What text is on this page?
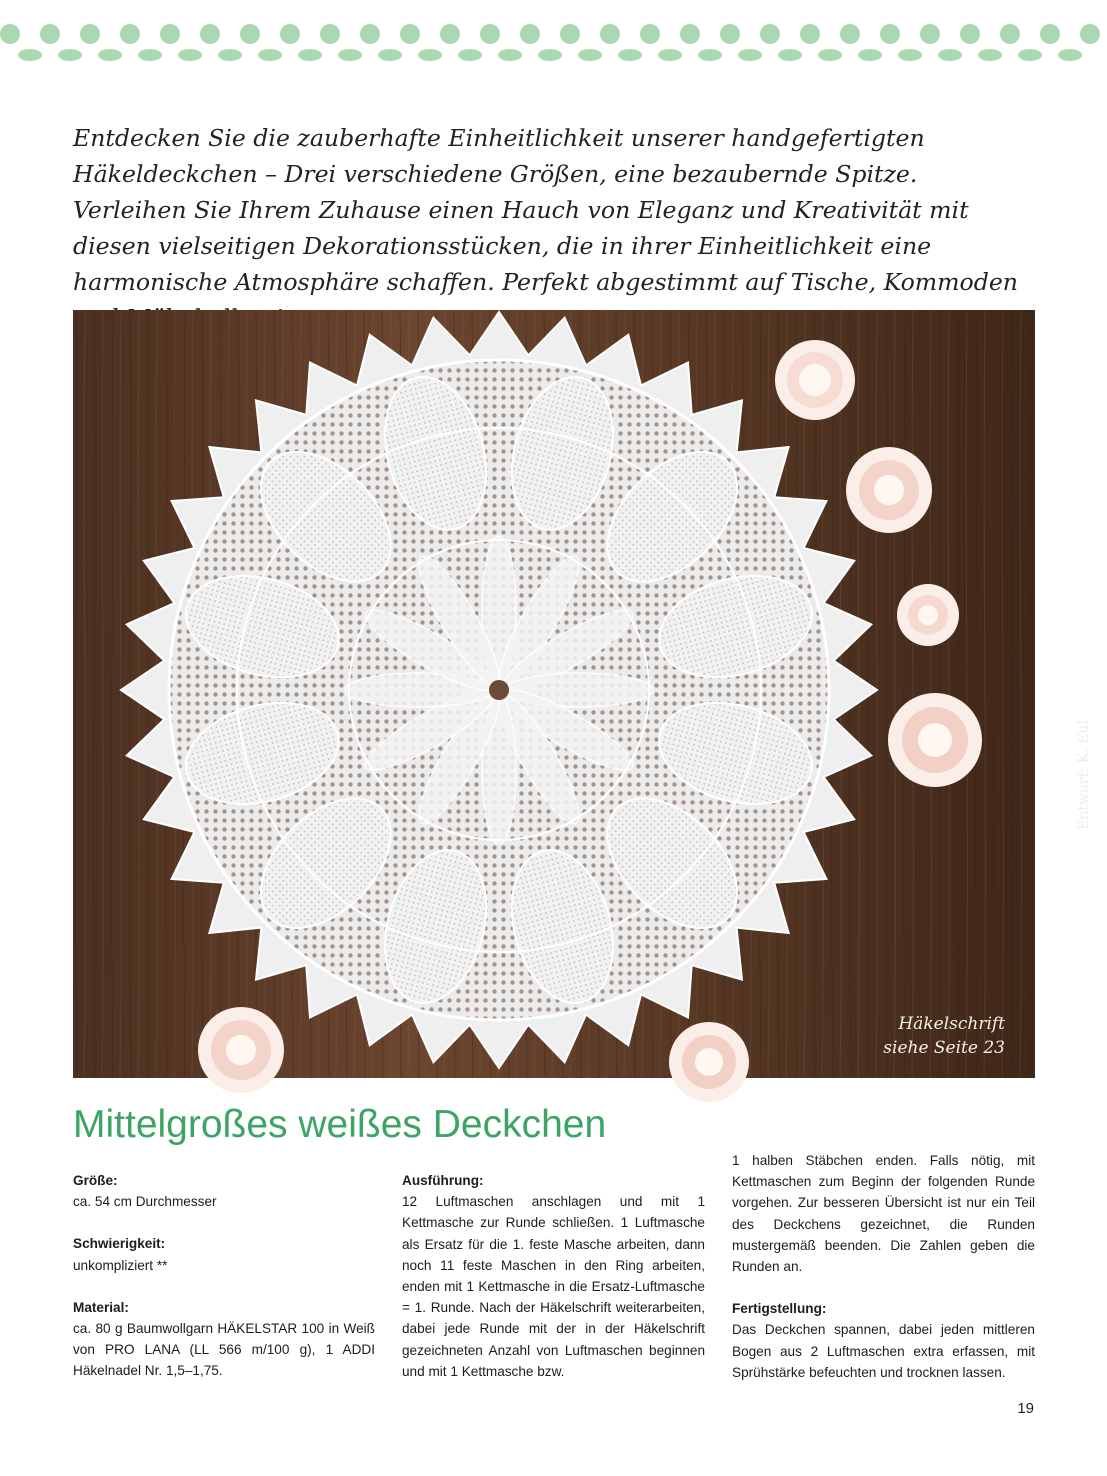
Entdecken Sie die zauberhafte Einheitlichkeit unserer handgefertigten Häkeldeckchen – Drei verschiedene Größen, eine bezaubernde Spitze. Verleihen Sie Ihrem Zuhause einen Hauch von Eleganz und Kreativität mit diesen vielseitigen Dekorationsstücken, die in ihrer Einheitlichkeit eine harmonische Atmosphäre schaffen. Perfekt abgestimmt auf Tische, Kommoden

Entwurf: K. Eul
Häkelschrift
siehe Seite 23
Mittelgroßes weißes Deckchen
Größe:

ca. 54 cm Durchmesser

Schwierigkeit:

unkompliziert **

Material:

ca. 80 g Baumwollgarn HÄKELSTAR 100 in Weiß von PRO LANA (LL 566 m/100 g), 1 ADDI Häkelnadel Nr. 1,5–1,75.

Ausführung:

12 Luftmaschen anschlagen und mit 1 Kettmasche zur Runde schließen. 1 Luftmasche als Ersatz für die 1. feste Masche arbeiten, dann noch 11 feste Maschen in den Ring arbeiten, enden mit 1 Kettmasche in die Ersatz-Luftmasche = 1. Runde. Nach der Häkelschrift weiterarbeiten, dabei jede Runde mit der in der Häkelschrift gezeichneten Anzahl von Luftmaschen beginnen und mit 1 Kettmasche bzw.

1 halben Stäbchen enden. Falls nötig, mit Kettmaschen zum Beginn der folgenden Runde vorgehen. Zur besseren Übersicht ist nur ein Teil des Deckchens gezeichnet, die Runden mustergemäß beenden. Die Zahlen geben die Runden an.

Fertigstellung:

Das Deckchen spannen, dabei jeden mittleren Bogen aus 2 Luftmaschen extra erfassen, mit Sprühstärke befeuchten und trocknen lassen.

19
